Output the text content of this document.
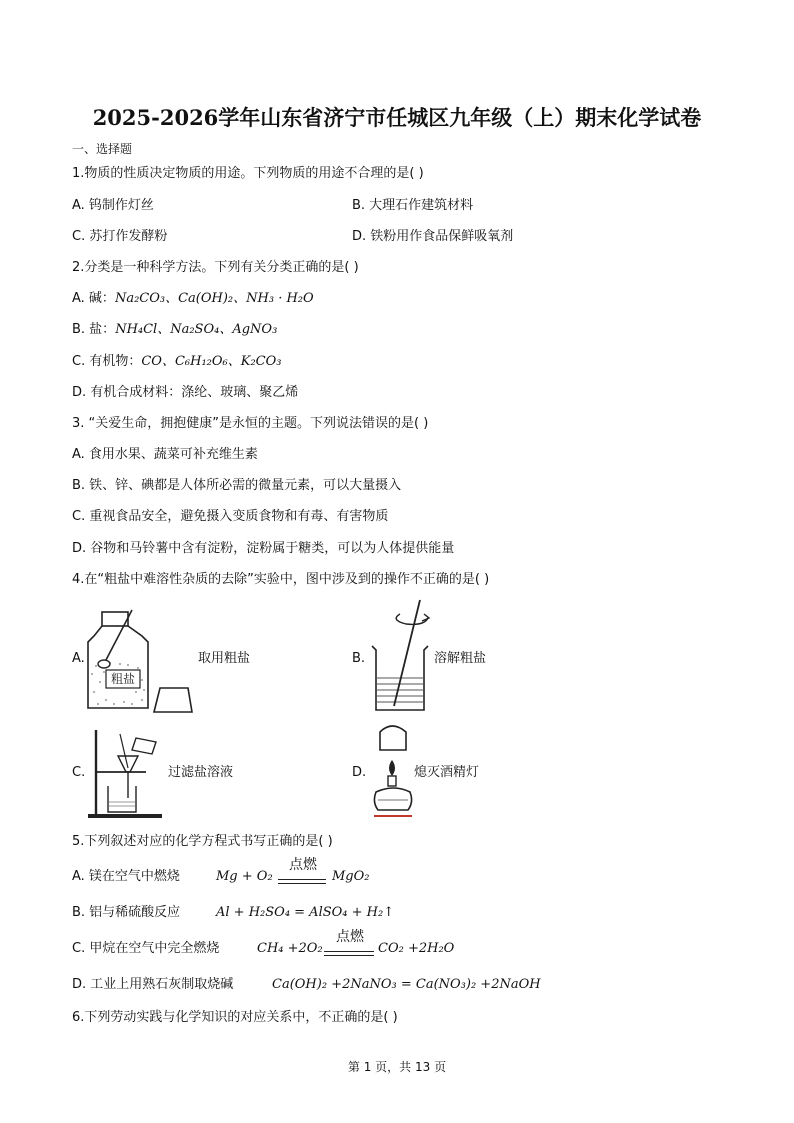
2025-2026学年山东省济宁市任城区九年级（上）期末化学试卷
一、选择题
1.物质的性质决定物质的用途。下列物质的用途不合理的是( )
A. 钨制作灯丝	B. 大理石作建筑材料
C. 苏打作发酵粉	D. 铁粉用作食品保鲜吸氧剂
2.分类是一种科学方法。下列有关分类正确的是( )
A. 碱：Na₂CO₃、Ca(OH)₂、NH₃ · H₂O
B. 盐：NH₄Cl、Na₂SO₄、AgNO₃
C. 有机物：CO、C₆H₁₂O₆、K₂CO₃
D. 有机合成材料：涤纶、玻璃、聚乙烯
3. “关爱生命，拥抱健康”是永恒的主题。下列说法错误的是( )
A. 食用水果、蔬菜可补充维生素
B. 铁、锌、碘都是人体所必需的微量元素，可以大量摄入
C. 重视食品安全，避免摄入变质食物和有毒、有害物质
D. 谷物和马铃薯中含有淀粉，淀粉属于糖类，可以为人体提供能量
4.在“粗盐中难溶性杂质的去除”实验中，图中涉及到的操作不正确的是( )
A.
粗盐
取用粗盐	B.	溶解粗盐
C.	过滤盐溶液	D.	熄灭酒精灯
5.下列叙述对应的化学方程式书写正确的是( )
A. 镁在空气中燃烧	Mg + O₂
点燃
MgO₂
B. 铝与稀硫酸反应	Al + H₂SO₄ = AlSO₄ + H₂↑
C. 甲烷在空气中完全燃烧	CH₄ +2O₂
点燃
CO₂ +2H₂O
D. 工业上用熟石灰制取烧碱	Ca(OH)₂ +2NaNO₃ = Ca(NO₃)₂ +2NaOH
6.下列劳动实践与化学知识的对应关系中，不正确的是( )
第 1 页，共 13 页
